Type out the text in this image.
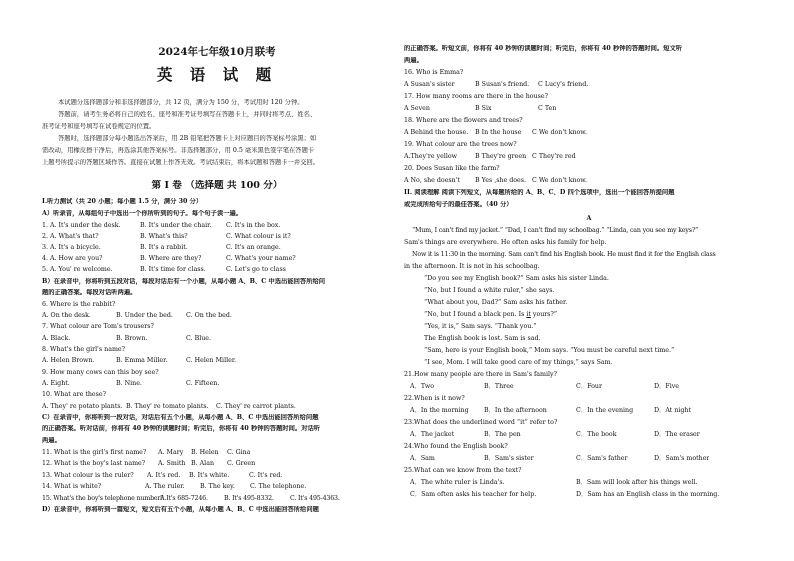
2024年七年级10月联考
英 语 试 题
本试题分选择题部分和非选择题部分，共 12 页，满分为 150 分，考试用时 120 分钟。
答题前，请考生务必将自己的姓名、座号和准考证号填写在答题卡上，并同时将考点、姓名、
准考证号和座号填写在试卷规定的位置。
答题时，选择题部分每小题选出答案后，用 2B 铅笔把答题卡上对应题目的答案标号涂黑；如
需改动，用橡皮擦干净后，再选涂其他答案标号。非选择题部分，用 0.5 毫米黑色签字笔在答题卡
上题号所提示的答题区域作答。直接在试题上作答无效。考试结束后，将本试题和答题卡一并交回。
第 Ⅰ 卷 （选择题 共 100 分）
I.听力测试（共 20 小题；每小题 1.5 分，满分 30 分）
A）听录音，从每组句子中选出一个你所听到的句子。每个句子读一遍。
1. A. It's under the desk.	B. It's under the chair.	C. It's in the box.
2. A. What's that?	B. What's this?	C. What colour is it?
3. A. It's a bicycle.	B. It's a rabbit.	C. It's an orange.
4. A. How are you?	B. Where are they?	C. What's your name?
5. A. You' re welcome.	B. It's time for class.	C. Let's go to class
B）在录音中，你将听到五段对话，每段对话后有一个小题，从每小题 A、B、C 中选出能回答所给问
题的正确答案。每段对话听两遍。
6. Where is the rabbit?
A. On the desk.	B. Under the bed.	C. On the bed.
7. What colour are Tom's trousers?
A. Black.	B. Brown.	C. Blue.
8. What's the girl's name?
A. Helen Brown.	B. Emma Miller.	C. Helen Miller.
9. How many cows can this boy see?
A. Eight.	B. Nine.	C. Fifteen.
10. What are these?
A. They' re potato plants. B. They' re tomato plants.	C. They' re carrot plants.
C）在录音中，你将听到一段对话，对话后有五个小题，从每小题 A、B、C 中选出能回答所给问题
的正确答案。听对话前，你将有 40 秒钟的读题时间；听完后，你将有 40 秒钟的答题时间。对话听
两遍。
11. What is the girl's first name?	A. Mary	B. Helen	C. Gina
12. What is the boy's last name?	A. Smith B. Alan	C. Green
13. What colour is the ruler?	A. It's red.	B. It's white.	C. It's red.
14. What is white?	A. The ruler.	B. The key.	C. The telephone.
15. What's the boy's telephone number?
A.It's 685-7246.	B. It's 495-8332.	C. It's 495-4363.
D）在录音中，你将听到一篇短文，短文后有五个小题，从每小题 A、B、C 中选出能回答所给问题
的正确答案。听短文前，你将有 40 秒钟的读题时间；听完后，你将有 40 秒钟的答题时间。短文听
两遍。
16. Who is Emma?
A Susan's sister	B Susan's friend.	C Lucy's friend.
17. How many rooms are there in the house?
A Seven	B Six	C Ten
18. Where are the flowers and trees?
A Behind the house.	B In the house	C We don't know.
19. What colour are the trees now?
A.They're yellow	B They're green C They're red
20. Does Susan like the farm?
A No, she doesn't	B Yes ,she does. C We don't know.
II. 阅读理解 阅读下列短文，从每题所给的 A、B、C、D 四个选项中，选出一个能回答所提问题
或完成所给句子的最佳答案。（40 分）
A
“Mum, I can't find my jacket.” “Dad, I can't find my schoolbag.” “Linda, can you see my keys?”
Sam's things are everywhere. He often asks his family for help.
Now it is 11:30 in the morning. Sam can't find his English book. He must find it for the English class
in the afternoon. It is not in his schoolbag.
“Do you see my English book?” Sam asks his sister Linda.
“No, but I found a white ruler,” she says.
“What about you, Dad?” Sam asks his father.
“No, but I found a black pen. Is it yours?”
“Yes, it is,” Sam says. “Thank you.”
The English book is lost. Sam is sad.
“Sam, here is your English book,” Mom says. “You must be careful next time.”
“I see, Mom. I will take good care of my things,” says Sam.
21.How many people are there in Sam's family?
A．Two	B．Three	C．Four	D．Five
22.When is it now?
A．In the morning	B．In the afternoon	C．In the evening	D．At night
23.What does the underlined word “it” refer to?
A．The jacket	B．The pen	C．The book	D．The eraser
24.Who found the English book?
A．Sam	B．Sam's sister	C．Sam's father	D．Sam's mother
25.What can we know from the text?
A．The white ruler is Linda's.	B．Sam will look after his things well.
C．Sam often asks his teacher for help.	D．Sam has an English class in the morning.
